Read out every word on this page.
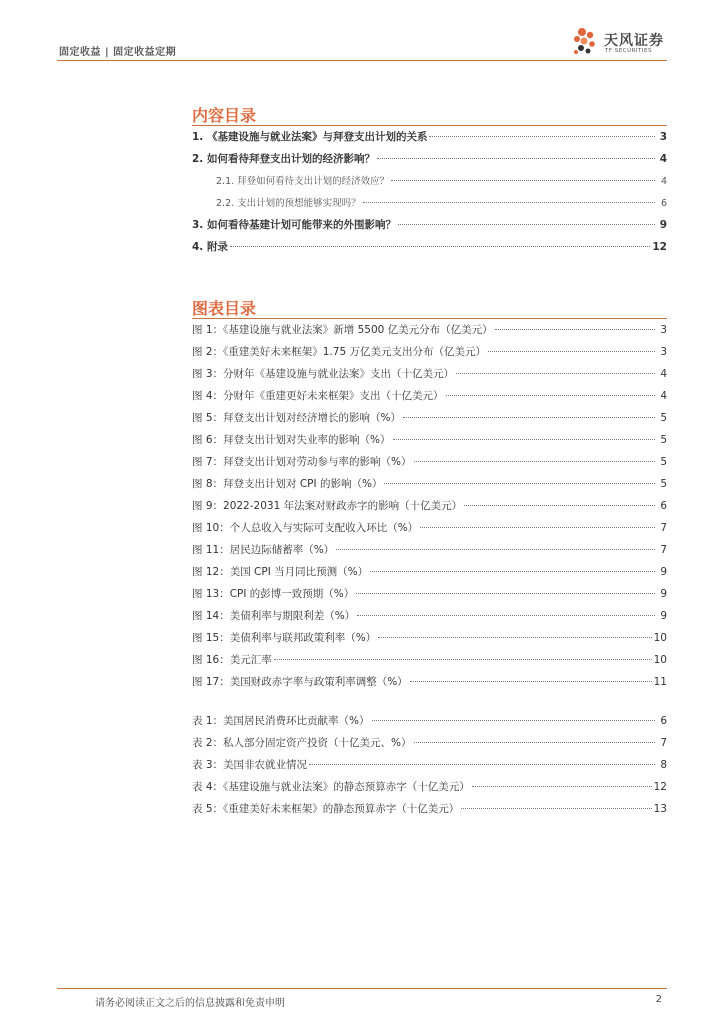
固定收益 | 固定收益定期
天风证券
TF SECURITIES
内容目录
1. 《基建设施与就业法案》与拜登支出计划的关系	3
2. 如何看待拜登支出计划的经济影响？	4
2.1. 拜登如何看待支出计划的经济效应？	4
2.2. 支出计划的预想能够实现吗？	6
3. 如何看待基建计划可能带来的外围影响？	9
4. 附录	12
图表目录
图 1：《基建设施与就业法案》新增 5500 亿美元分布（亿美元）	3
图 2：《重建美好未来框架》1.75 万亿美元支出分布（亿美元）	3
图 3：分财年《基建设施与就业法案》支出（十亿美元）	4
图 4：分财年《重建更好未来框架》支出（十亿美元）	4
图 5：拜登支出计划对经济增长的影响（%）	5
图 6：拜登支出计划对失业率的影响（%）	5
图 7：拜登支出计划对劳动参与率的影响（%）	5
图 8：拜登支出计划对 CPI 的影响（%）	5
图 9：2022-2031 年法案对财政赤字的影响（十亿美元）	6
图 10：个人总收入与实际可支配收入环比（%）	7
图 11：居民边际储蓄率（%）	7
图 12：美国 CPI 当月同比预测（%）	9
图 13：CPI 的彭博一致预期（%）	9
图 14：美债利率与期限利差（%）	9
图 15：美债利率与联邦政策利率（%）	10
图 16：美元汇率	10
图 17：美国财政赤字率与政策利率调整（%）	11
表 1：美国居民消费环比贡献率（%）	6
表 2：私人部分固定资产投资（十亿美元、%）	7
表 3：美国非农就业情况	8
表 4：《基建设施与就业法案》的静态预算赤字（十亿美元）	12
表 5：《重建美好未来框架》的静态预算赤字（十亿美元）	13
请务必阅读正文之后的信息披露和免责申明	2
